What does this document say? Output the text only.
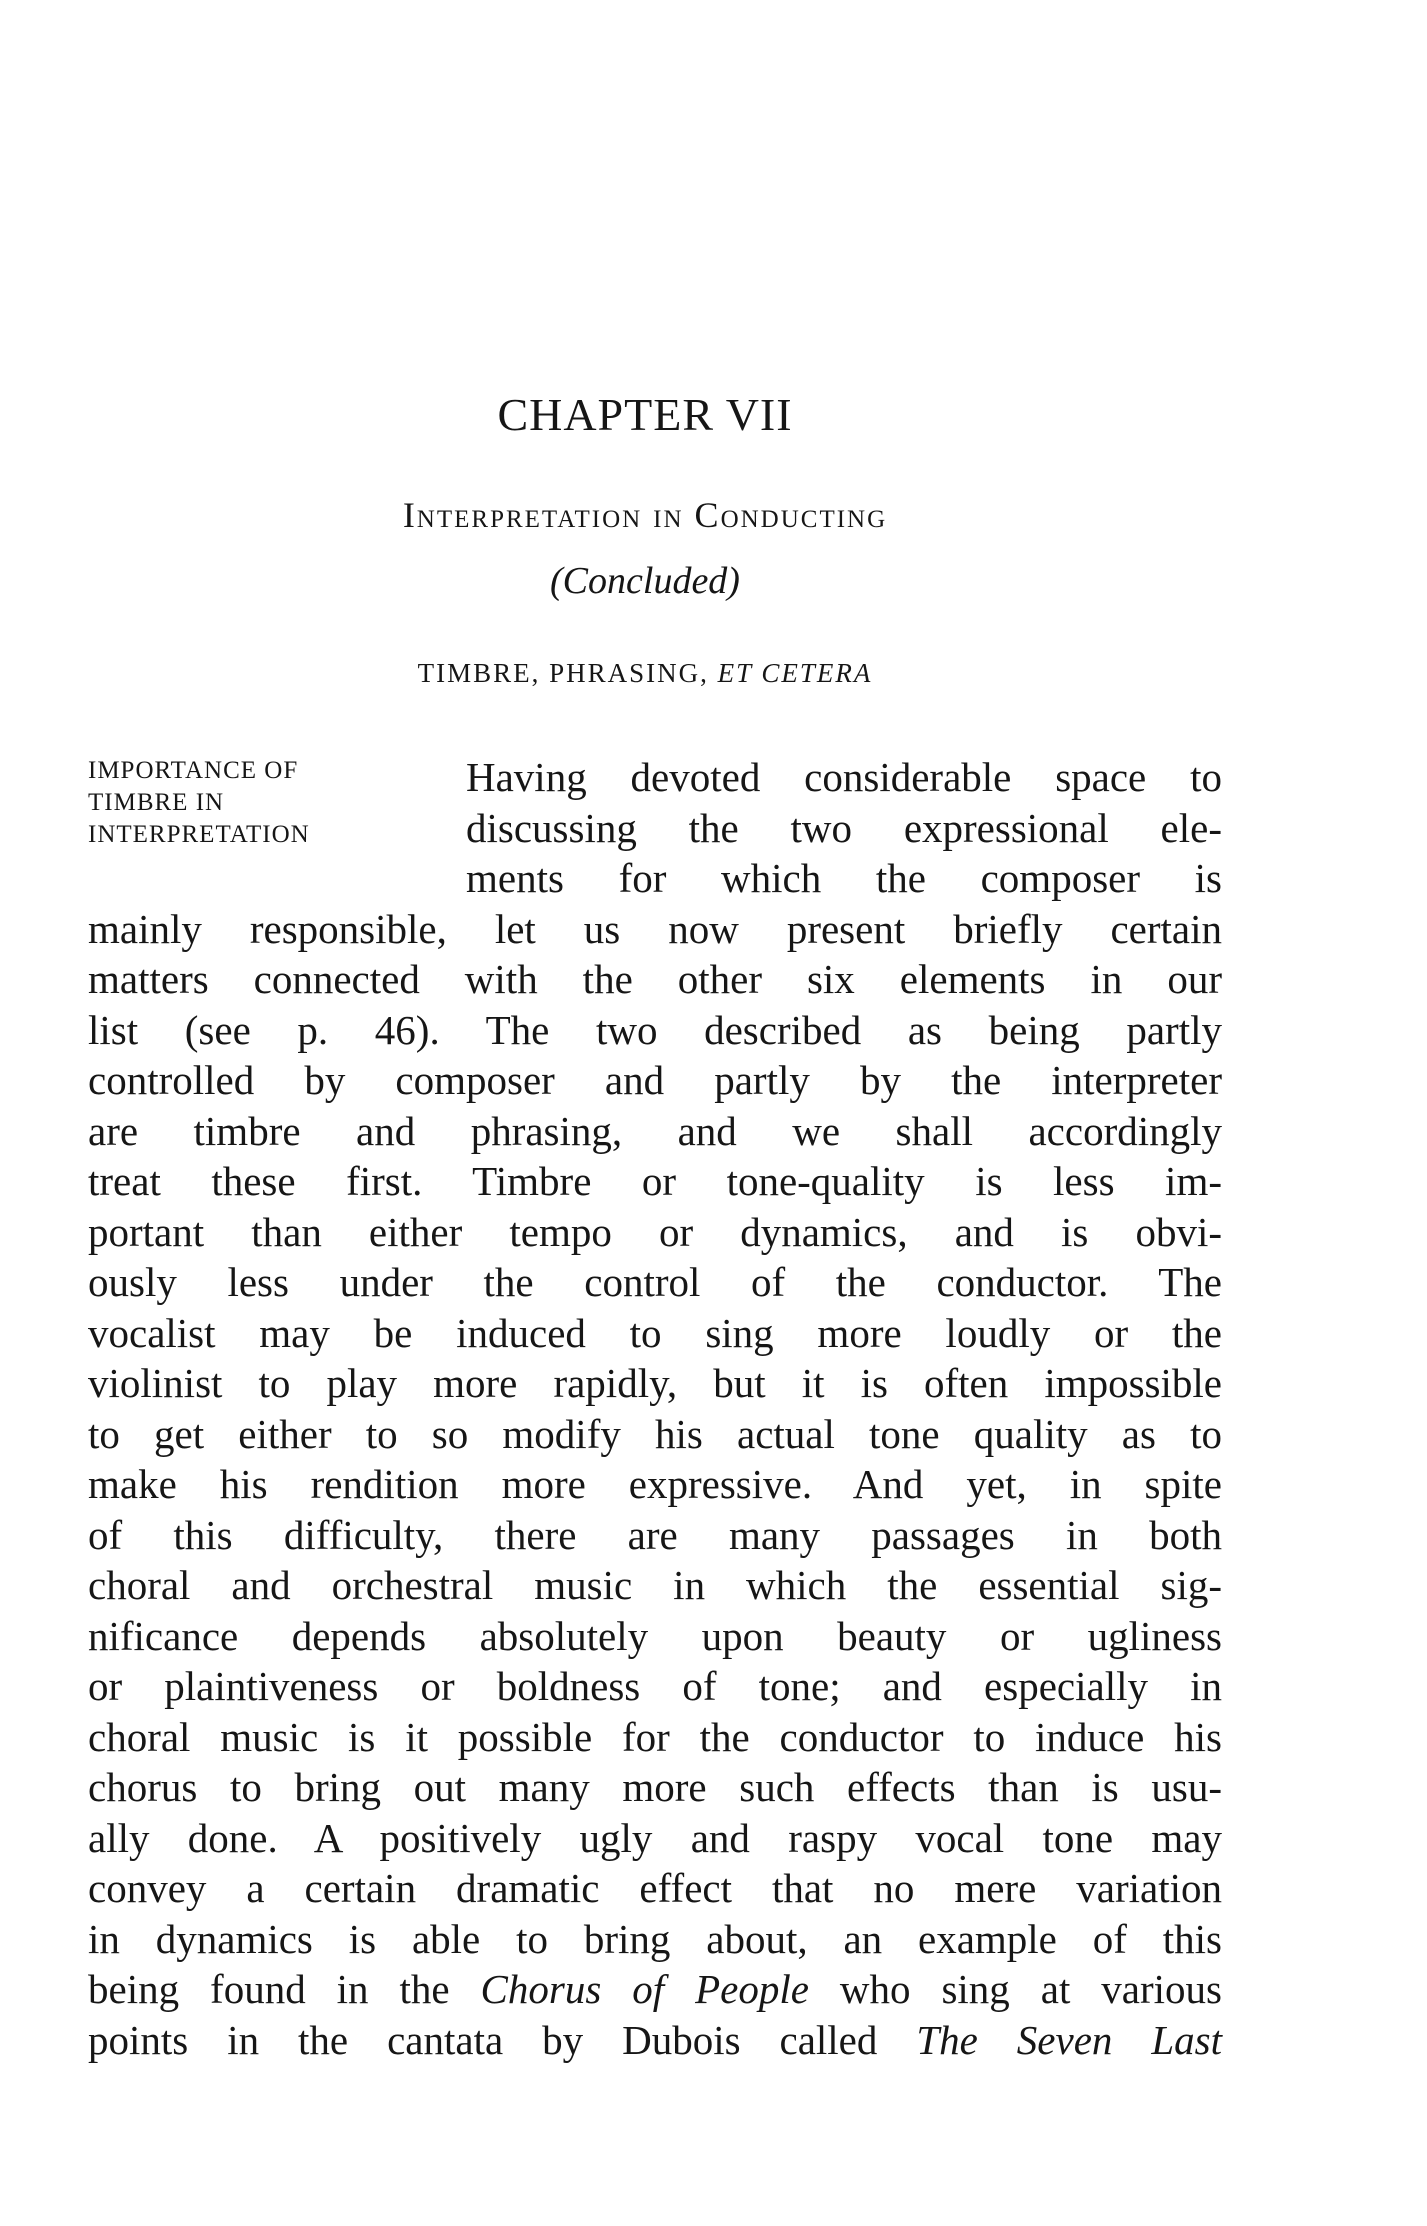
CHAPTER VII
Interpretation in Conducting
(Concluded)
TIMBRE, PHRASING, ET CETERA
IMPORTANCE OF
TIMBRE IN
INTERPRETATION
Having devoted considerable space to
discussing the two expressional ele-
ments for which the composer is
mainly responsible, let us now present briefly certain
matters connected with the other six elements in our
list (see p. 46). The two described as being partly
controlled by composer and partly by the interpreter
are timbre and phrasing, and we shall accordingly
treat these first. Timbre or tone-quality is less im-
portant than either tempo or dynamics, and is obvi-
ously less under the control of the conductor. The
vocalist may be induced to sing more loudly or the
violinist to play more rapidly, but it is often impossible
to get either to so modify his actual tone quality as to
make his rendition more expressive. And yet, in spite
of this difficulty, there are many passages in both
choral and orchestral music in which the essential sig-
nificance depends absolutely upon beauty or ugliness
or plaintiveness or boldness of tone; and especially in
choral music is it possible for the conductor to induce his
chorus to bring out many more such effects than is usu-
ally done. A positively ugly and raspy vocal tone may
convey a certain dramatic effect that no mere variation
in dynamics is able to bring about, an example of this
being found in the Chorus of People who sing at various
points in the cantata by Dubois called The Seven Last
